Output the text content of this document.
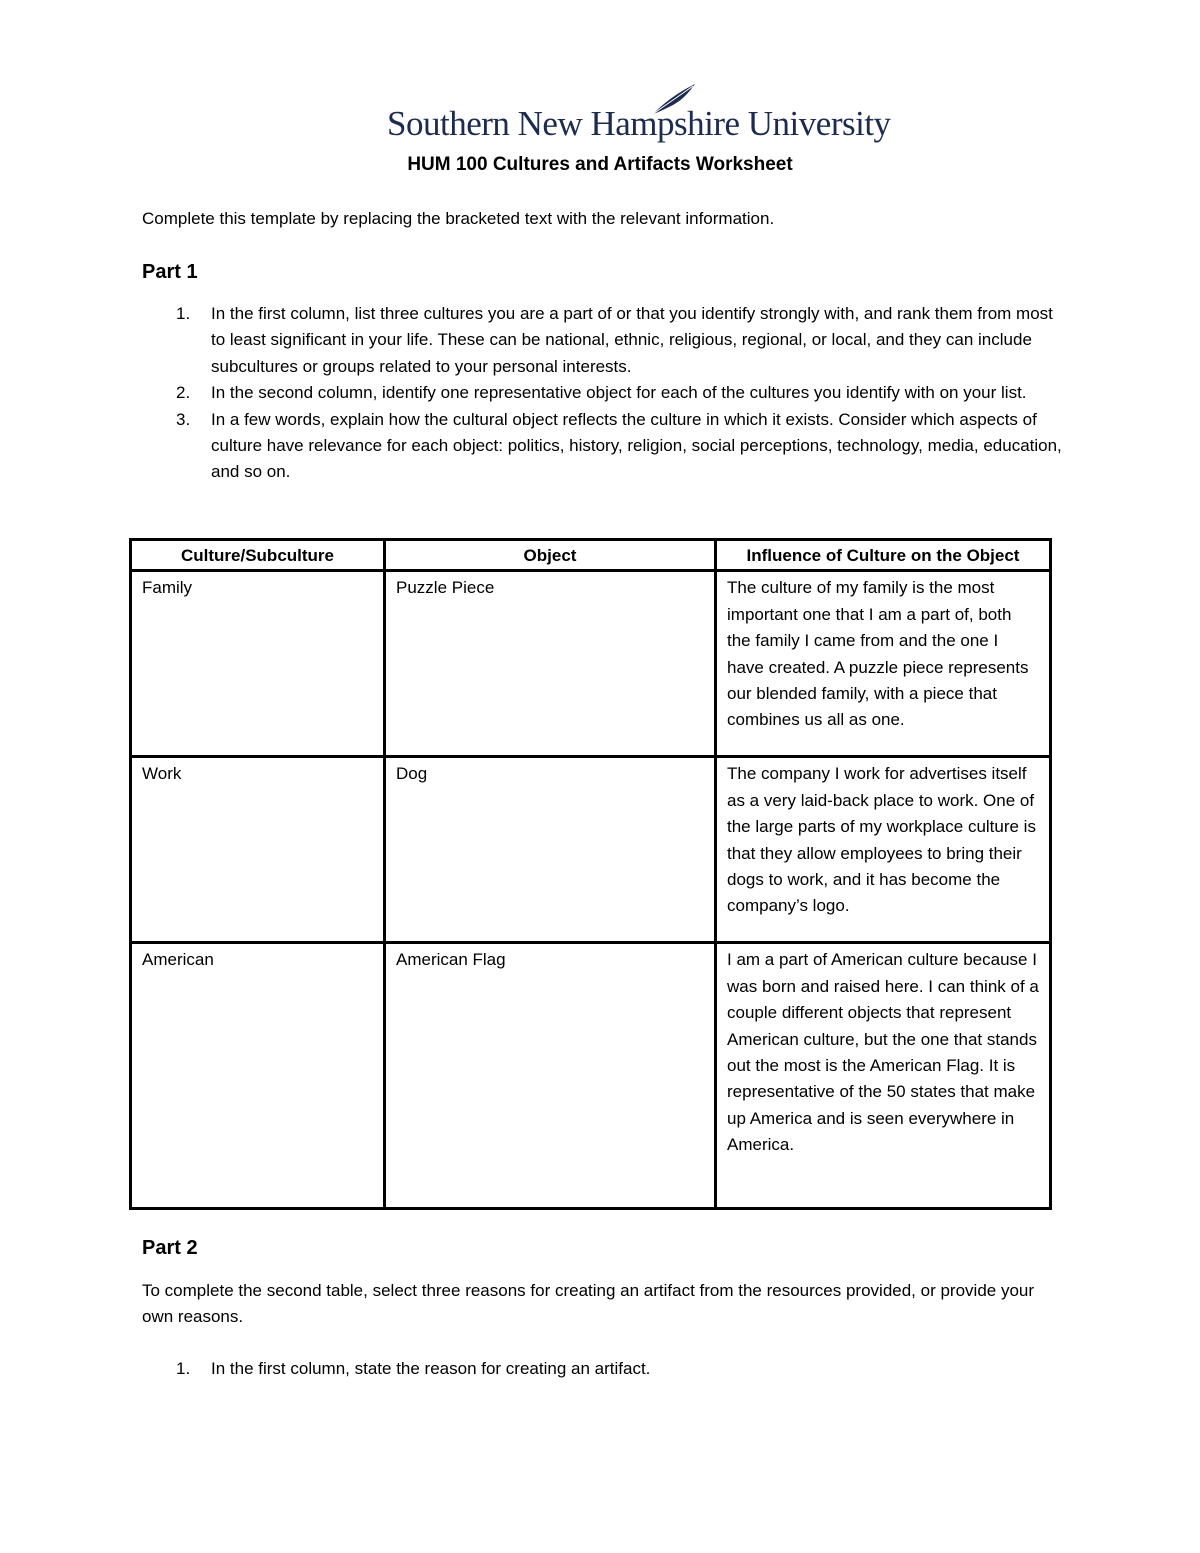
Southern New Hampshire University
HUM 100 Cultures and Artifacts Worksheet
Complete this template by replacing the bracketed text with the relevant information.
Part 1
1. In the first column, list three cultures you are a part of or that you identify strongly with, and rank them from most to least significant in your life. These can be national, ethnic, religious, regional, or local, and they can include subcultures or groups related to your personal interests.
2. In the second column, identify one representative object for each of the cultures you identify with on your list.
3. In a few words, explain how the cultural object reflects the culture in which it exists. Consider which aspects of culture have relevance for each object: politics, history, religion, social perceptions, technology, media, education, and so on.
Culture/Subculture	Object	Influence of Culture on the Object
Family	Puzzle Piece	The culture of my family is the most important one that I am a part of, both the family I came from and the one I have created. A puzzle piece represents our blended family, with a piece that combines us all as one.
Work	Dog	The company I work for advertises itself as a very laid-back place to work. One of the large parts of my workplace culture is that they allow employees to bring their dogs to work, and it has become the company’s logo.
American	American Flag	I am a part of American culture because I was born and raised here. I can think of a couple different objects that represent American culture, but the one that stands out the most is the American Flag. It is representative of the 50 states that make up America and is seen everywhere in America.
Part 2
To complete the second table, select three reasons for creating an artifact from the resources provided, or provide your own reasons.
1. In the first column, state the reason for creating an artifact.
